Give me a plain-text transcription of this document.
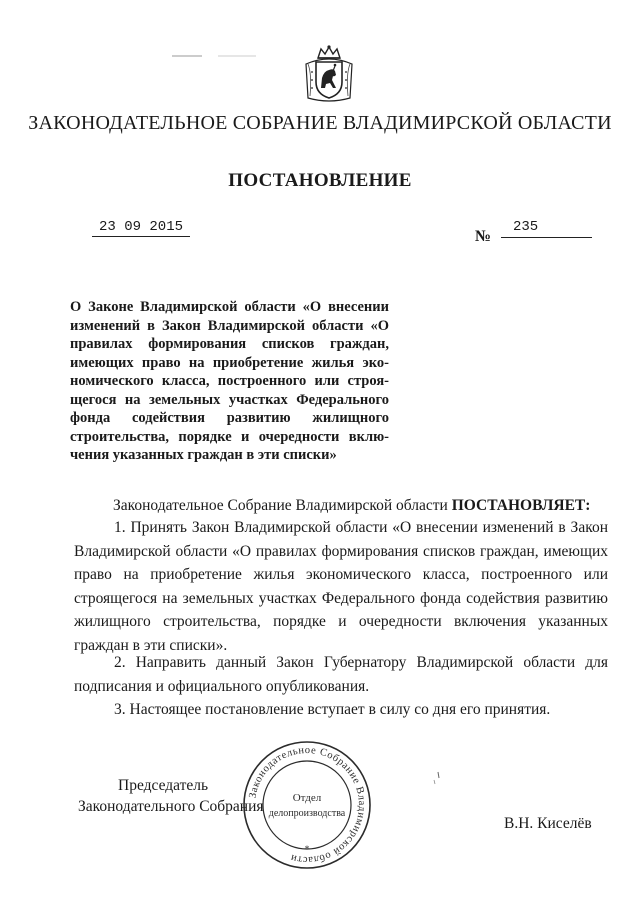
ЗАКОНОДАТЕЛЬНОЕ СОБРАНИЕ ВЛАДИМИРСКОЙ ОБЛАСТИ
ПОСТАНОВЛЕНИЕ
23 09 2015
№
235
О Законе Владимирской области «О внесении
изменений в Закон Владимирской области «О
правилах формирования списков граждан,
имеющих право на приобретение жилья эко-
номического класса, построенного или строя-
щегося на земельных участках Федерального
фонда содействия развитию жилищного
строительства, порядке и очередности вклю-
чения указанных граждан в эти списки»
Законодательное Собрание Владимирской области ПОСТАНОВЛЯЕТ:
1. Принять Закон Владимирской области «О внесении изменений в Закон Владимирской области «О правилах формирования списков граждан, имеющих право на приобретение жилья экономического класса, построенного или строящегося на земельных участках Федерального фонда содействия развитию жилищного строительства, порядке и очередности включения указанных граждан в эти списки».
2. Направить данный Закон Губернатору Владимирской области для подписания и официального опубликования.
3. Настоящее постановление вступает в силу со дня его принятия.
Председатель
Законодательного Собрания
В.Н. Киселёв
Законодательное Собрание Владимирской области
Отдел
делопроизводства
*
